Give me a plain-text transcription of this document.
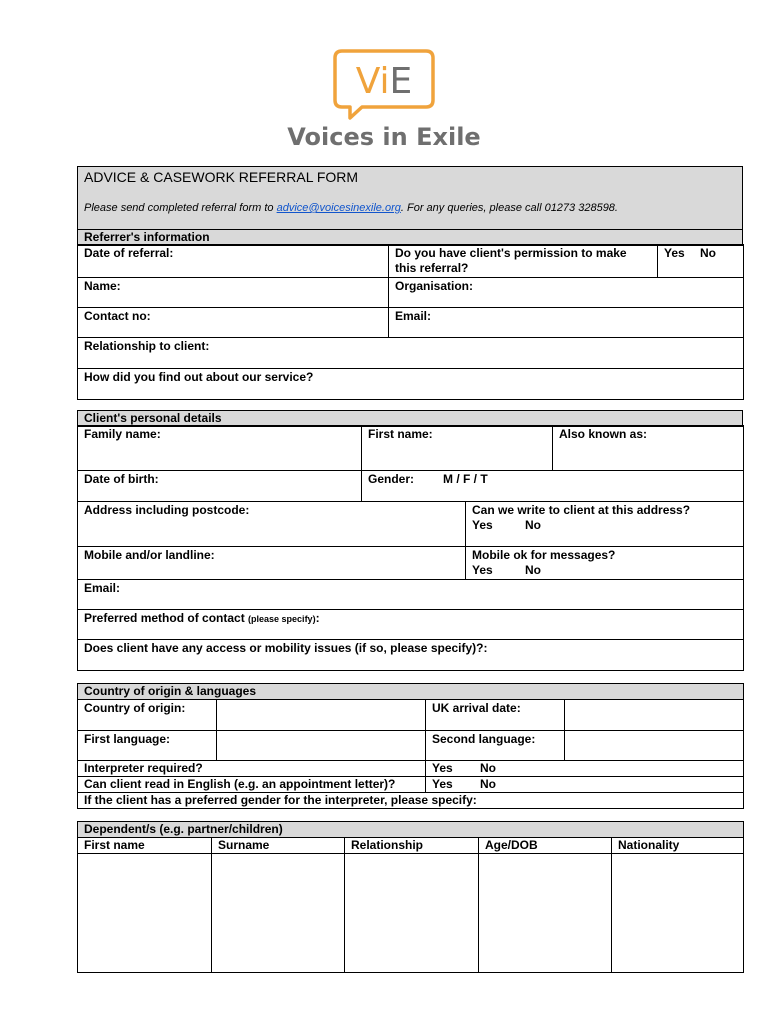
ViE
Voices in Exile
ADVICE & CASEWORK REFERRAL FORM
Please send completed referral form to advice@voicesinexile.org. For any queries, please call 01273 328598.

Referrer's information
Date of referral:	Do you have client's permission to make this referral?	Yes No
Name:	Organisation:	
Contact no:	Email:	
Relationship to client:		
How did you find out about our service?		
Client's personal details
Family name:	First name:	Also known as:
Date of birth:	Gender: M / F / T	
Address including postcode:	Can we write to client at this address?
Yes No

Mobile and/or landline:	Mobile ok for messages?
Yes No

Email:	
Preferred method of contact (please specify):	
Does client have any access or mobility issues (if so, please specify)?:	
Country of origin & languages			
Country of origin:		UK arrival date:	
First language:		Second language:	
Interpreter required?		Yes No	
Can client read in English (e.g. an appointment letter)?		Yes No	
If the client has a preferred gender for the interpreter, please specify:			
Dependent/s (e.g. partner/children)				
First name	Surname	Relationship	Age/DOB	Nationality
